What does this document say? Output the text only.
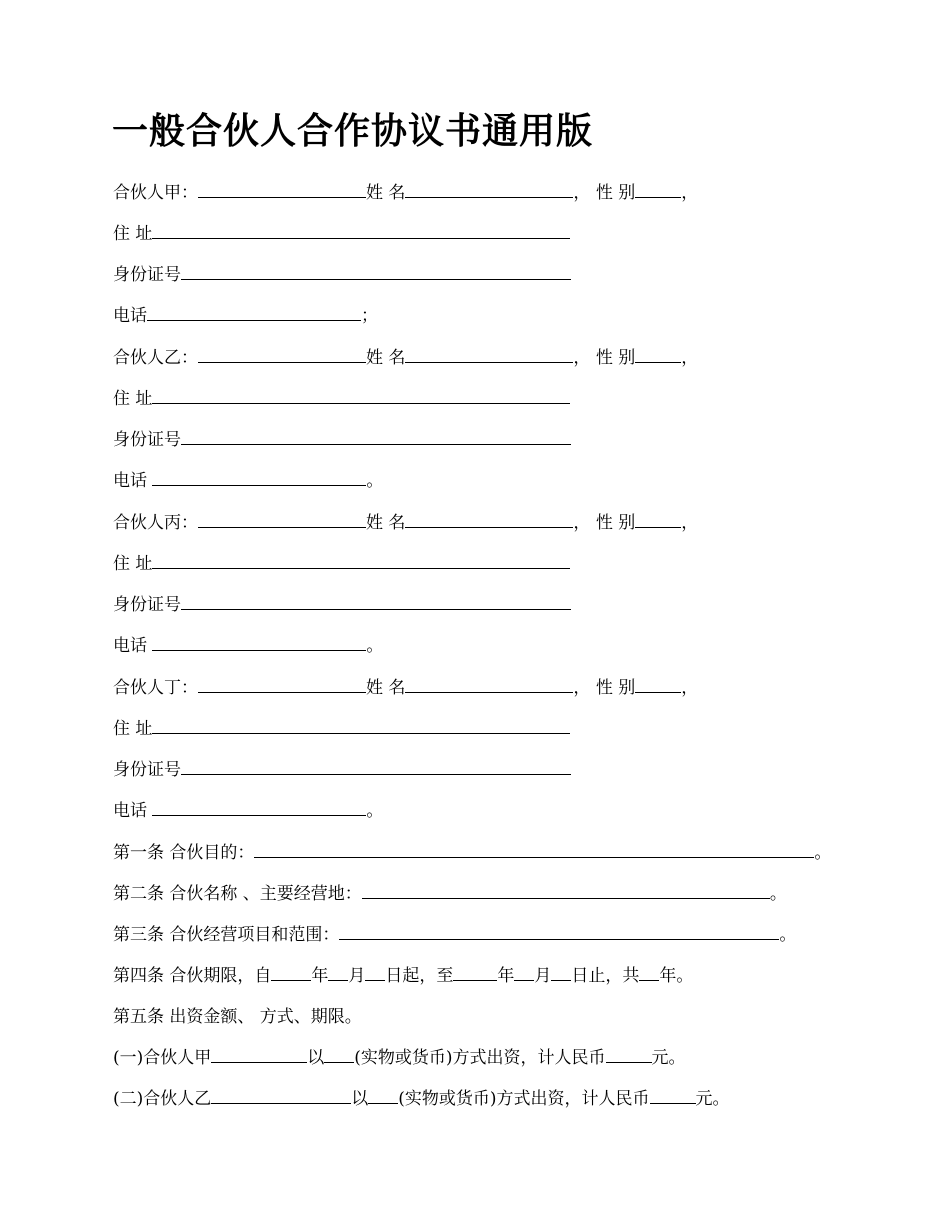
一般合伙人合作协议书通用版
合伙人甲：	姓 名	， 性 别	，
住 址
身份证号
电话	；
合伙人乙：	姓 名	， 性 别	，
住 址
身份证号
电话	。
合伙人丙：	姓 名	， 性 别	，
住 址
身份证号
电话	。
合伙人丁：	姓 名	， 性 别	，
住 址
身份证号
电话	。
第一条 合伙目的：	。
第二条 合伙名称 、主要经营地：	。
第三条 合伙经营项目和范围：	。
第四条 合伙期限，自 年 月 日起，至	年 月 日止，共 年。
第五条 出资金额、 方式、期限。
(一)合伙人甲	以 (实物或货币)方式出资，计人民币	元。
(二)合伙人乙	以 (实物或货币)方式出资，计人民币	元。
